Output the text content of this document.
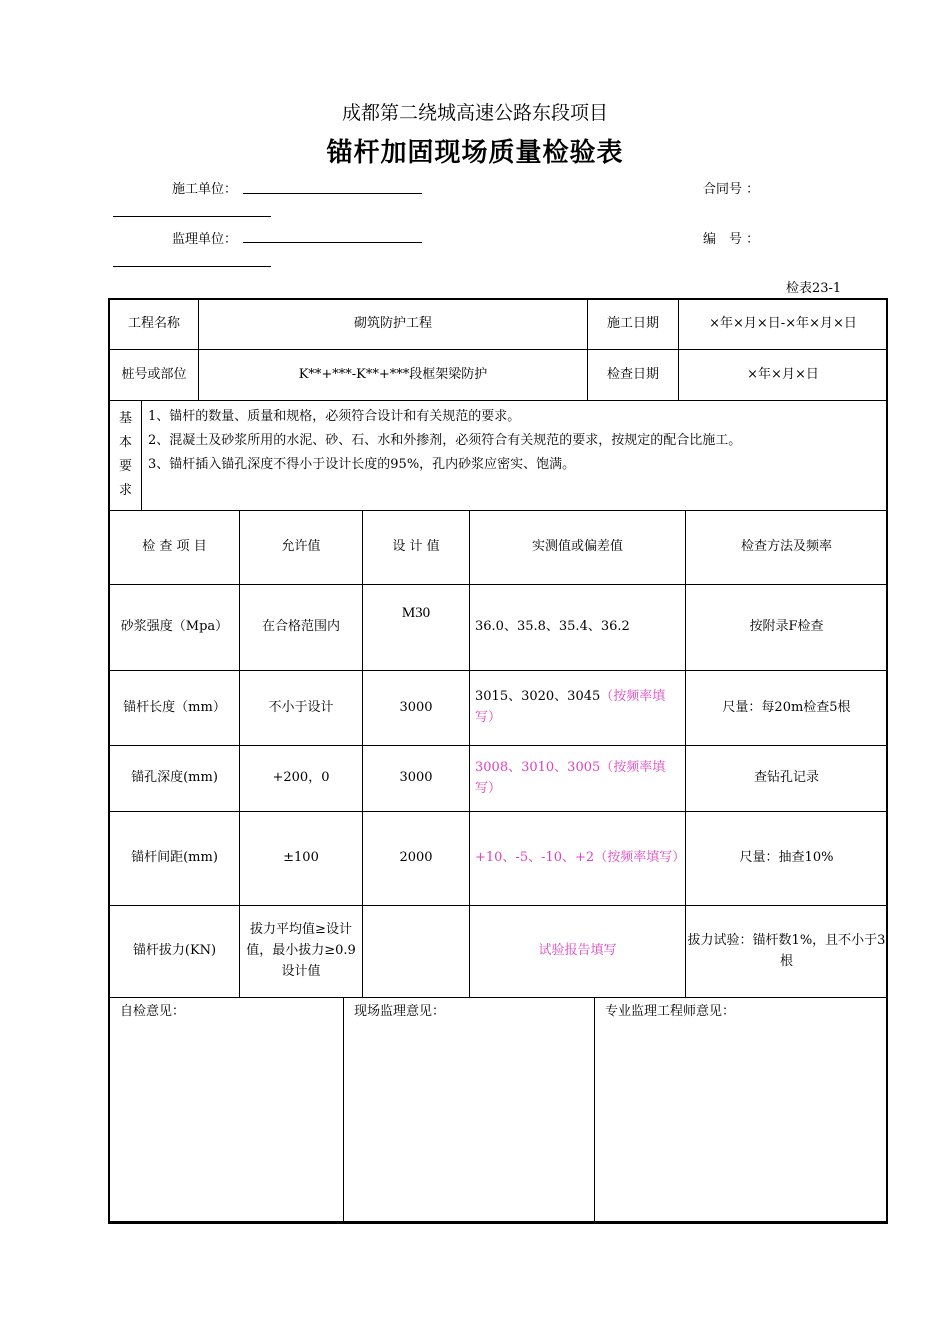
成都第二绕城高速公路东段项目
锚杆加固现场质量检验表
施工单位：	合同号 ：
监理单位：	编　号 ：
检表23-1
工程名称	砌筑防护工程	施工日期	×年×月×日-×年×月×日
桩号或部位	K**+***-K**+***段框架梁防护	检查日期	×年×月×日
基
本
要
求

1、锚杆的数量、质量和规格，必须符合设计和有关规范的要求。
2、混凝土及砂浆所用的水泥、砂、石、水和外掺剂，必须符合有关规范的要求，按规定的配合比施工。
3、锚杆插入锚孔深度不得小于设计长度的95%，孔内砂浆应密实、饱满。
检 查 项 目	允许值	设 计 值	实测值或偏差值	检查方法及频率
砂浆强度（Mpa）	在合格范围内	M30	36.0、35.8、35.4、36.2	按附录F检查
锚杆长度（mm）	不小于设计	3000	3015、3020、3045（按频率填写）	尺量：每20m检查5根
锚孔深度(mm)	+200，0	3000	3008、3010、3005（按频率填写）	查钻孔记录
锚杆间距(mm)	±100	2000	+10、-5、-10、+2（按频率填写）	尺量：抽查10%
锚杆拔力(KN)	拔力平均值≥设计值，最小拔力≥0.9设计值		试验报告填写	拔力试验：锚杆数1%，且不小于3根
自检意见：	现场监理意见：	专业监理工程师意见：
